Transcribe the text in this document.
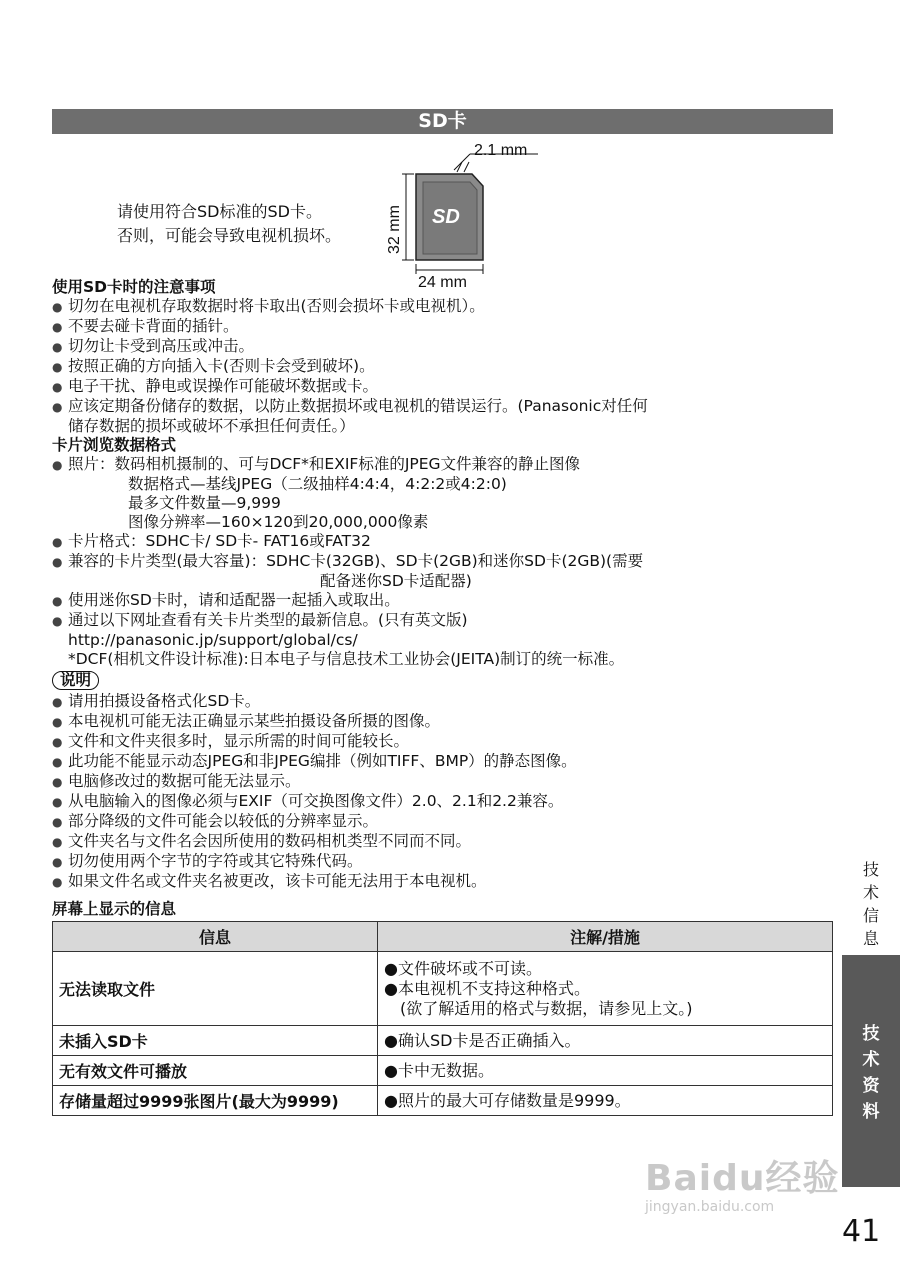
SD卡
请使用符合SD标准的SD卡。
否则，可能会导致电视机损坏。
SD
2.1 mm
32 mm
24 mm

使用SD卡时的注意事项

● 切勿在电视机存取数据时将卡取出(否则会损坏卡或电视机）。

● 不要去碰卡背面的插针。

● 切勿让卡受到高压或冲击。

● 按照正确的方向插入卡(否则卡会受到破坏)。

● 电子干扰、静电或误操作可能破坏数据或卡。

● 应该定期备份储存的数据，以防止数据损坏或电视机的错误运行。(Panasonic对任何

储存数据的损坏或破坏不承担任何责任。）

卡片浏览数据格式

● 照片：数码相机摄制的、可与DCF*和EXIF标准的JPEG文件兼容的静止图像

数据格式—基线JPEG（二级抽样4:4:4，4:2:2或4:2:0)

最多文件数量—9,999

图像分辨率—160×120到20,000,000像素

● 卡片格式：SDHC卡/ SD卡- FAT16或FAT32

● 兼容的卡片类型(最大容量)：SDHC卡(32GB)、SD卡(2GB)和迷你SD卡(2GB)(需要

配备迷你SD卡适配器)

● 使用迷你SD卡时，请和适配器一起插入或取出。

● 通过以下网址查看有关卡片类型的最新信息。(只有英文版)

http://panasonic.jp/support/global/cs/

*DCF(相机文件设计标准):日本电子与信息技术工业协会(JEITA)制订的统一标准。

说明

● 请用拍摄设备格式化SD卡。

● 本电视机可能无法正确显示某些拍摄设备所摄的图像。

● 文件和文件夹很多时，显示所需的时间可能较长。

● 此功能不能显示动态JPEG和非JPEG编排（例如TIFF、BMP）的静态图像。

● 电脑修改过的数据可能无法显示。

● 从电脑输入的图像必须与EXIF（可交换图像文件）2.0、2.1和2.2兼容。

● 部分降级的文件可能会以较低的分辨率显示。

● 文件夹名与文件名会因所使用的数码相机类型不同而不同。

● 切勿使用两个字节的字符或其它特殊代码。

● 如果文件名或文件夹名被更改，该卡可能无法用于本电视机。

屏幕上显示的信息
信息	注解/措施
无法读取文件	●文件破坏或不可读。

●本电视机不支持这种格式。

(欲了解适用的格式与数据，请参见上文。)

未插入SD卡	●确认SD卡是否正确插入。

无有效文件可播放	●卡中无数据。

存储量超过9999张图片(最大为9999)	●照片的最大可存储数量是9999。

技术信息
技术资料
Baidu经验
jingyan.baidu.com
41
